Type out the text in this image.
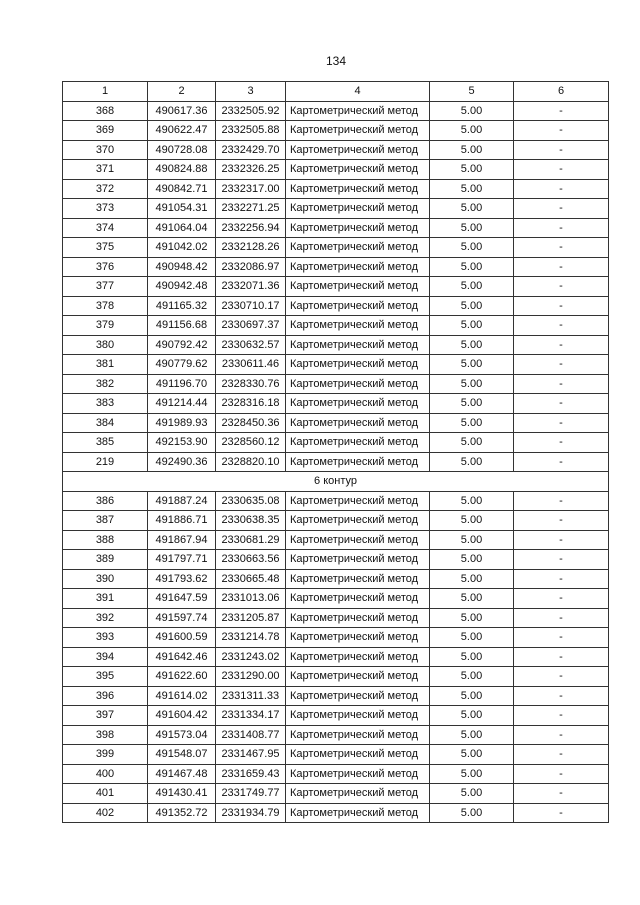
134
1	2	3	4	5	6
368	490617.36	2332505.92	Картометрический метод	5.00	-
369	490622.47	2332505.88	Картометрический метод	5.00	-
370	490728.08	2332429.70	Картометрический метод	5.00	-
371	490824.88	2332326.25	Картометрический метод	5.00	-
372	490842.71	2332317.00	Картометрический метод	5.00	-
373	491054.31	2332271.25	Картометрический метод	5.00	-
374	491064.04	2332256.94	Картометрический метод	5.00	-
375	491042.02	2332128.26	Картометрический метод	5.00	-
376	490948.42	2332086.97	Картометрический метод	5.00	-
377	490942.48	2332071.36	Картометрический метод	5.00	-
378	491165.32	2330710.17	Картометрический метод	5.00	-
379	491156.68	2330697.37	Картометрический метод	5.00	-
380	490792.42	2330632.57	Картометрический метод	5.00	-
381	490779.62	2330611.46	Картометрический метод	5.00	-
382	491196.70	2328330.76	Картометрический метод	5.00	-
383	491214.44	2328316.18	Картометрический метод	5.00	-
384	491989.93	2328450.36	Картометрический метод	5.00	-
385	492153.90	2328560.12	Картометрический метод	5.00	-
219	492490.36	2328820.10	Картометрический метод	5.00	-
6 контур					
386	491887.24	2330635.08	Картометрический метод	5.00	-
387	491886.71	2330638.35	Картометрический метод	5.00	-
388	491867.94	2330681.29	Картометрический метод	5.00	-
389	491797.71	2330663.56	Картометрический метод	5.00	-
390	491793.62	2330665.48	Картометрический метод	5.00	-
391	491647.59	2331013.06	Картометрический метод	5.00	-
392	491597.74	2331205.87	Картометрический метод	5.00	-
393	491600.59	2331214.78	Картометрический метод	5.00	-
394	491642.46	2331243.02	Картометрический метод	5.00	-
395	491622.60	2331290.00	Картометрический метод	5.00	-
396	491614.02	2331311.33	Картометрический метод	5.00	-
397	491604.42	2331334.17	Картометрический метод	5.00	-
398	491573.04	2331408.77	Картометрический метод	5.00	-
399	491548.07	2331467.95	Картометрический метод	5.00	-
400	491467.48	2331659.43	Картометрический метод	5.00	-
401	491430.41	2331749.77	Картометрический метод	5.00	-
402	491352.72	2331934.79	Картометрический метод	5.00	-
